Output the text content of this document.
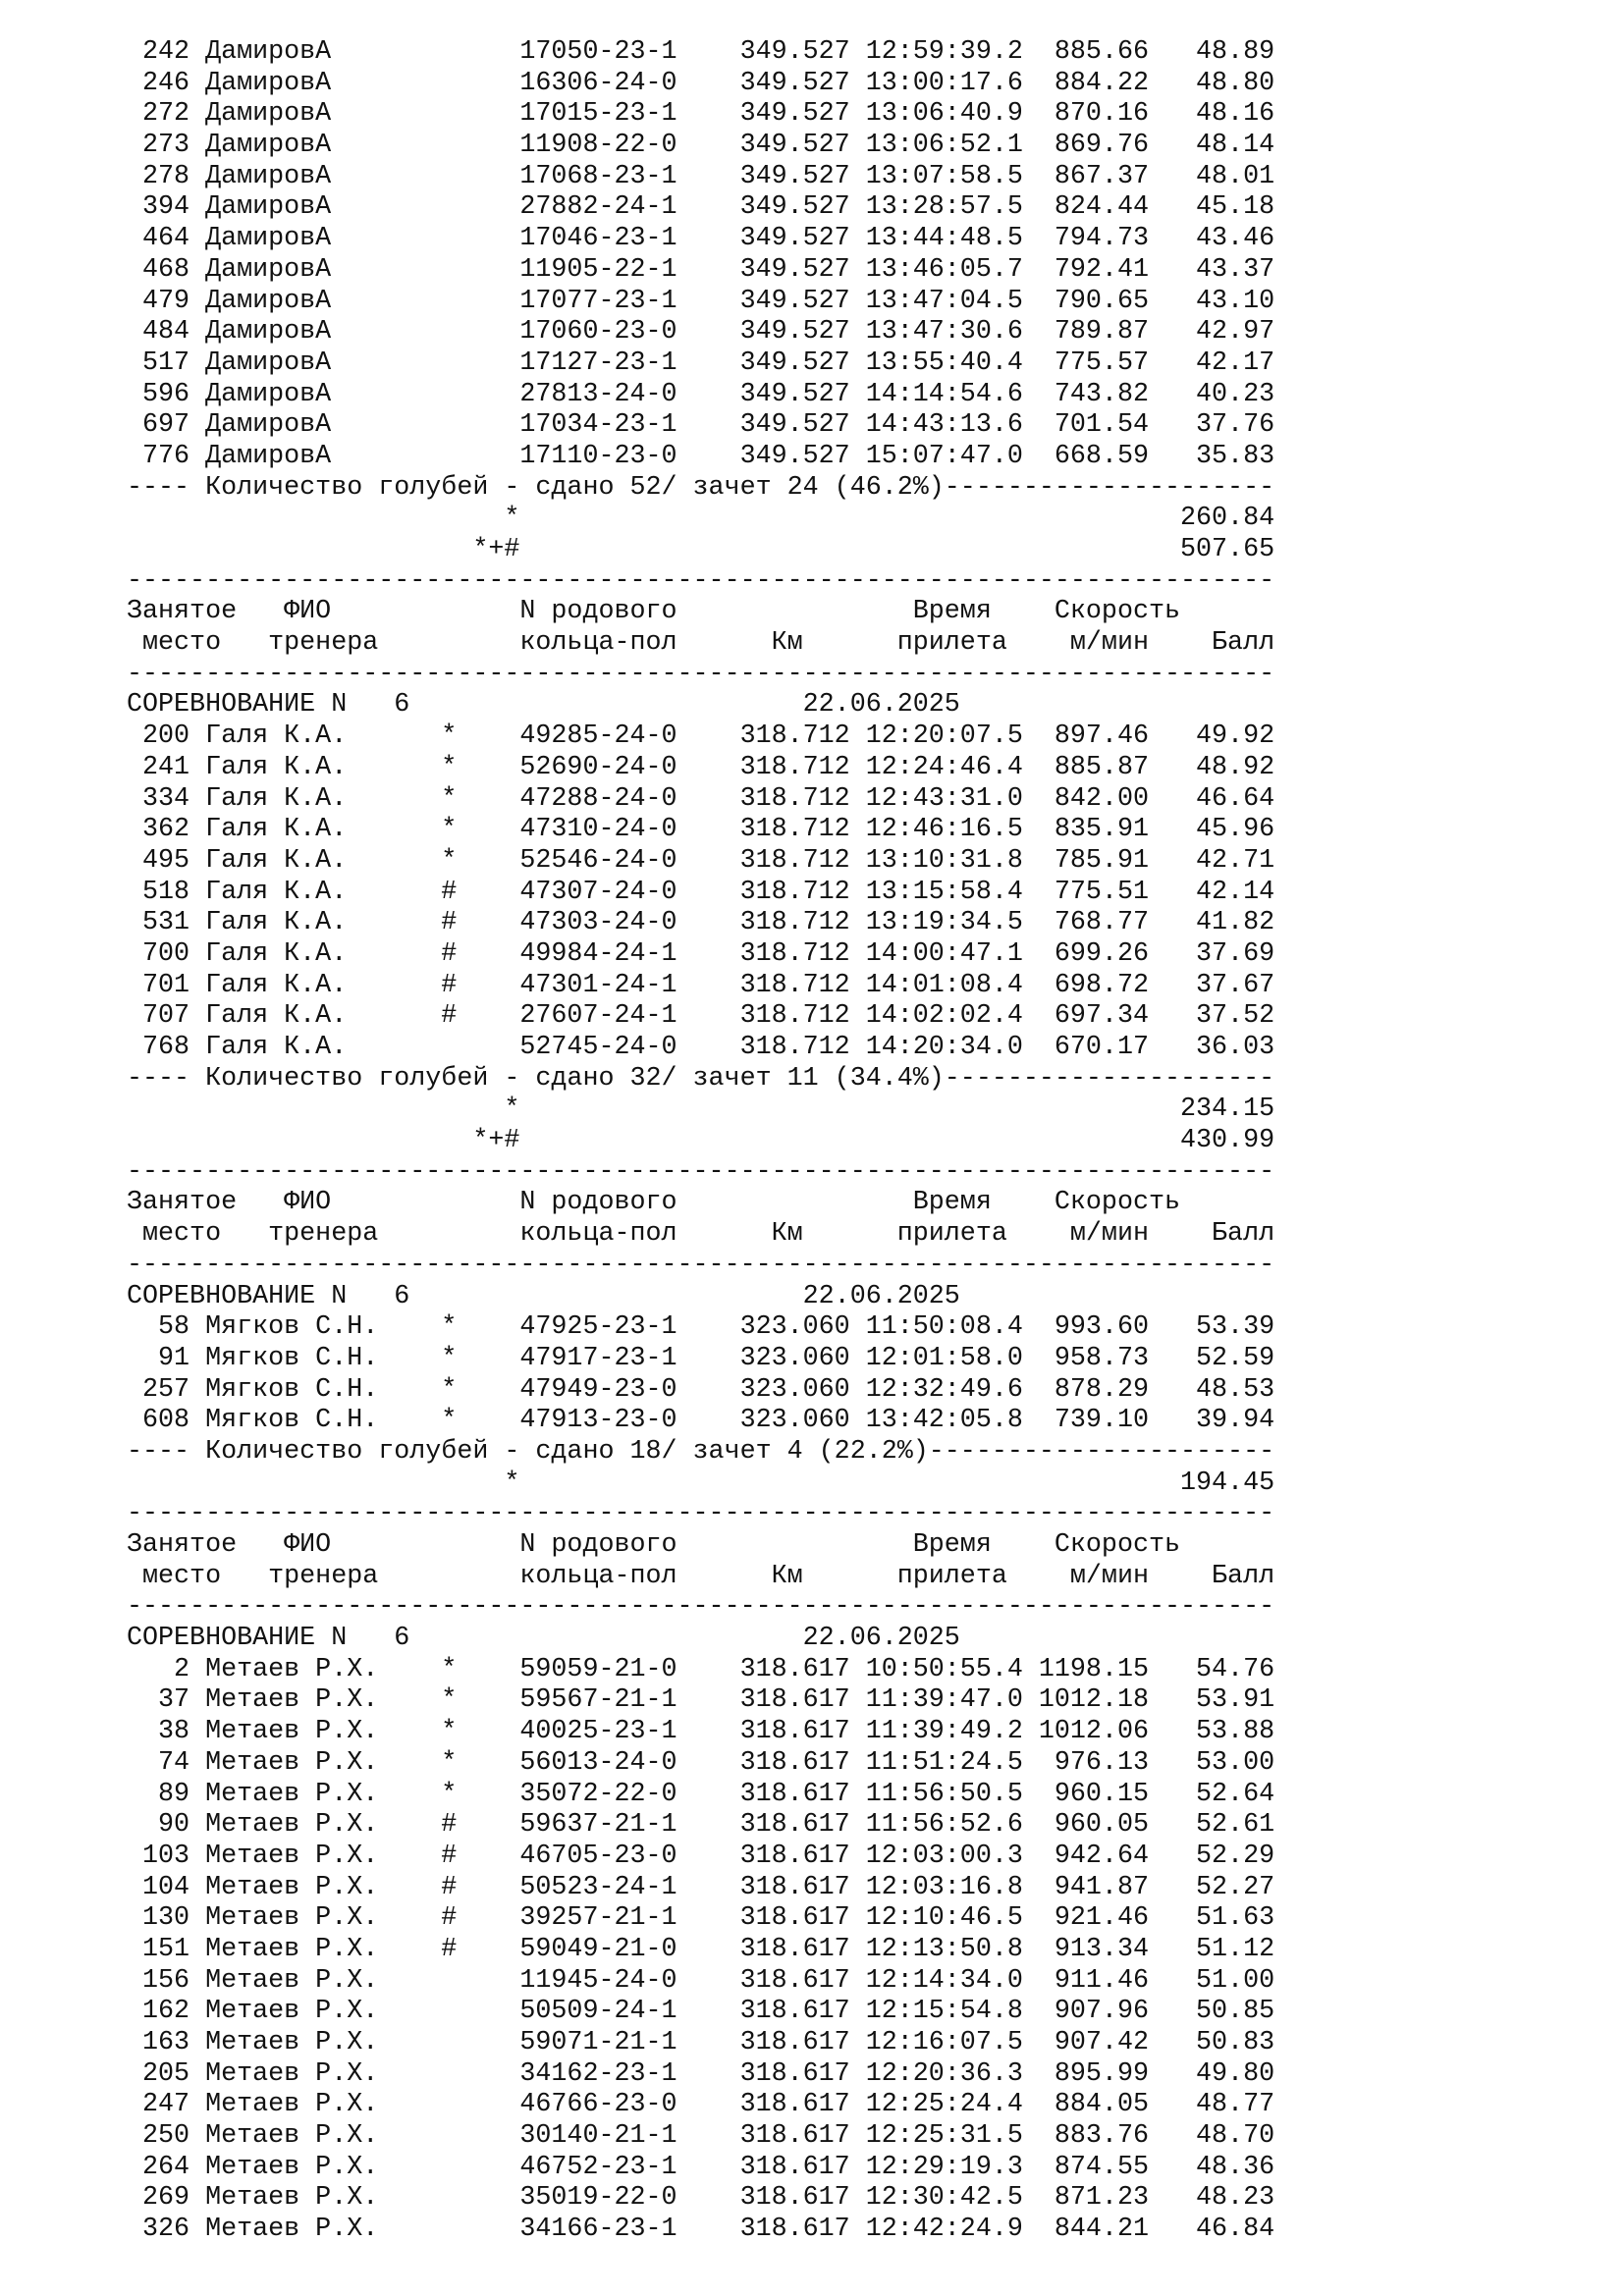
242 ДамировА            17050-23-1    349.527 12:59:39.2  885.66   48.89
246 ДамировА            16306-24-0    349.527 13:00:17.6  884.22   48.80
272 ДамировА            17015-23-1    349.527 13:06:40.9  870.16   48.16
273 ДамировА            11908-22-0    349.527 13:06:52.1  869.76   48.14
278 ДамировА            17068-23-1    349.527 13:07:58.5  867.37   48.01
394 ДамировА            27882-24-1    349.527 13:28:57.5  824.44   45.18
464 ДамировА            17046-23-1    349.527 13:44:48.5  794.73   43.46
468 ДамировА            11905-22-1    349.527 13:46:05.7  792.41   43.37
479 ДамировА            17077-23-1    349.527 13:47:04.5  790.65   43.10
484 ДамировА            17060-23-0    349.527 13:47:30.6  789.87   42.97
517 ДамировА            17127-23-1    349.527 13:55:40.4  775.57   42.17
596 ДамировА            27813-24-0    349.527 14:14:54.6  743.82   40.23
697 ДамировА            17034-23-1    349.527 14:43:13.6  701.54   37.76
776 ДамировА            17110-23-0    349.527 15:07:47.0  668.59   35.83
---- Количество голубей - сдано 52/ зачет 24 (46.2%)---------------------
*                                          260.84
*+#                                          507.65
-------------------------------------------------------------------------
Занятое   ФИО            N родового               Время    Скорость
место   тренера         кольца-пол      Км      прилета    м/мин    Балл
-------------------------------------------------------------------------
СОРЕВНОВАНИЕ N   6                         22.06.2025
200 Галя К.А.      *    49285-24-0    318.712 12:20:07.5  897.46   49.92
241 Галя К.А.      *    52690-24-0    318.712 12:24:46.4  885.87   48.92
334 Галя К.А.      *    47288-24-0    318.712 12:43:31.0  842.00   46.64
362 Галя К.А.      *    47310-24-0    318.712 12:46:16.5  835.91   45.96
495 Галя К.А.      *    52546-24-0    318.712 13:10:31.8  785.91   42.71
518 Галя К.А.      #    47307-24-0    318.712 13:15:58.4  775.51   42.14
531 Галя К.А.      #    47303-24-0    318.712 13:19:34.5  768.77   41.82
700 Галя К.А.      #    49984-24-1    318.712 14:00:47.1  699.26   37.69
701 Галя К.А.      #    47301-24-1    318.712 14:01:08.4  698.72   37.67
707 Галя К.А.      #    27607-24-1    318.712 14:02:02.4  697.34   37.52
768 Галя К.А.           52745-24-0    318.712 14:20:34.0  670.17   36.03
---- Количество голубей - сдано 32/ зачет 11 (34.4%)---------------------
*                                          234.15
*+#                                          430.99
-------------------------------------------------------------------------
Занятое   ФИО            N родового               Время    Скорость
место   тренера         кольца-пол      Км      прилета    м/мин    Балл
-------------------------------------------------------------------------
СОРЕВНОВАНИЕ N   6                         22.06.2025
58 Мягков С.Н.    *    47925-23-1    323.060 11:50:08.4  993.60   53.39
91 Мягков С.Н.    *    47917-23-1    323.060 12:01:58.0  958.73   52.59
257 Мягков С.Н.    *    47949-23-0    323.060 12:32:49.6  878.29   48.53
608 Мягков С.Н.    *    47913-23-0    323.060 13:42:05.8  739.10   39.94
---- Количество голубей - сдано 18/ зачет 4 (22.2%)----------------------
*                                          194.45
-------------------------------------------------------------------------
Занятое   ФИО            N родового               Время    Скорость
место   тренера         кольца-пол      Км      прилета    м/мин    Балл
-------------------------------------------------------------------------
СОРЕВНОВАНИЕ N   6                         22.06.2025
2 Метаев Р.Х.    *    59059-21-0    318.617 10:50:55.4 1198.15   54.76
37 Метаев Р.Х.    *    59567-21-1    318.617 11:39:47.0 1012.18   53.91
38 Метаев Р.Х.    *    40025-23-1    318.617 11:39:49.2 1012.06   53.88
74 Метаев Р.Х.    *    56013-24-0    318.617 11:51:24.5  976.13   53.00
89 Метаев Р.Х.    *    35072-22-0    318.617 11:56:50.5  960.15   52.64
90 Метаев Р.Х.    #    59637-21-1    318.617 11:56:52.6  960.05   52.61
103 Метаев Р.Х.    #    46705-23-0    318.617 12:03:00.3  942.64   52.29
104 Метаев Р.Х.    #    50523-24-1    318.617 12:03:16.8  941.87   52.27
130 Метаев Р.Х.    #    39257-21-1    318.617 12:10:46.5  921.46   51.63
151 Метаев Р.Х.    #    59049-21-0    318.617 12:13:50.8  913.34   51.12
156 Метаев Р.Х.         11945-24-0    318.617 12:14:34.0  911.46   51.00
162 Метаев Р.Х.         50509-24-1    318.617 12:15:54.8  907.96   50.85
163 Метаев Р.Х.         59071-21-1    318.617 12:16:07.5  907.42   50.83
205 Метаев Р.Х.         34162-23-1    318.617 12:20:36.3  895.99   49.80
247 Метаев Р.Х.         46766-23-0    318.617 12:25:24.4  884.05   48.77
250 Метаев Р.Х.         30140-21-1    318.617 12:25:31.5  883.76   48.70
264 Метаев Р.Х.         46752-23-1    318.617 12:29:19.3  874.55   48.36
269 Метаев Р.Х.         35019-22-0    318.617 12:30:42.5  871.23   48.23
326 Метаев Р.Х.         34166-23-1    318.617 12:42:24.9  844.21   46.84
